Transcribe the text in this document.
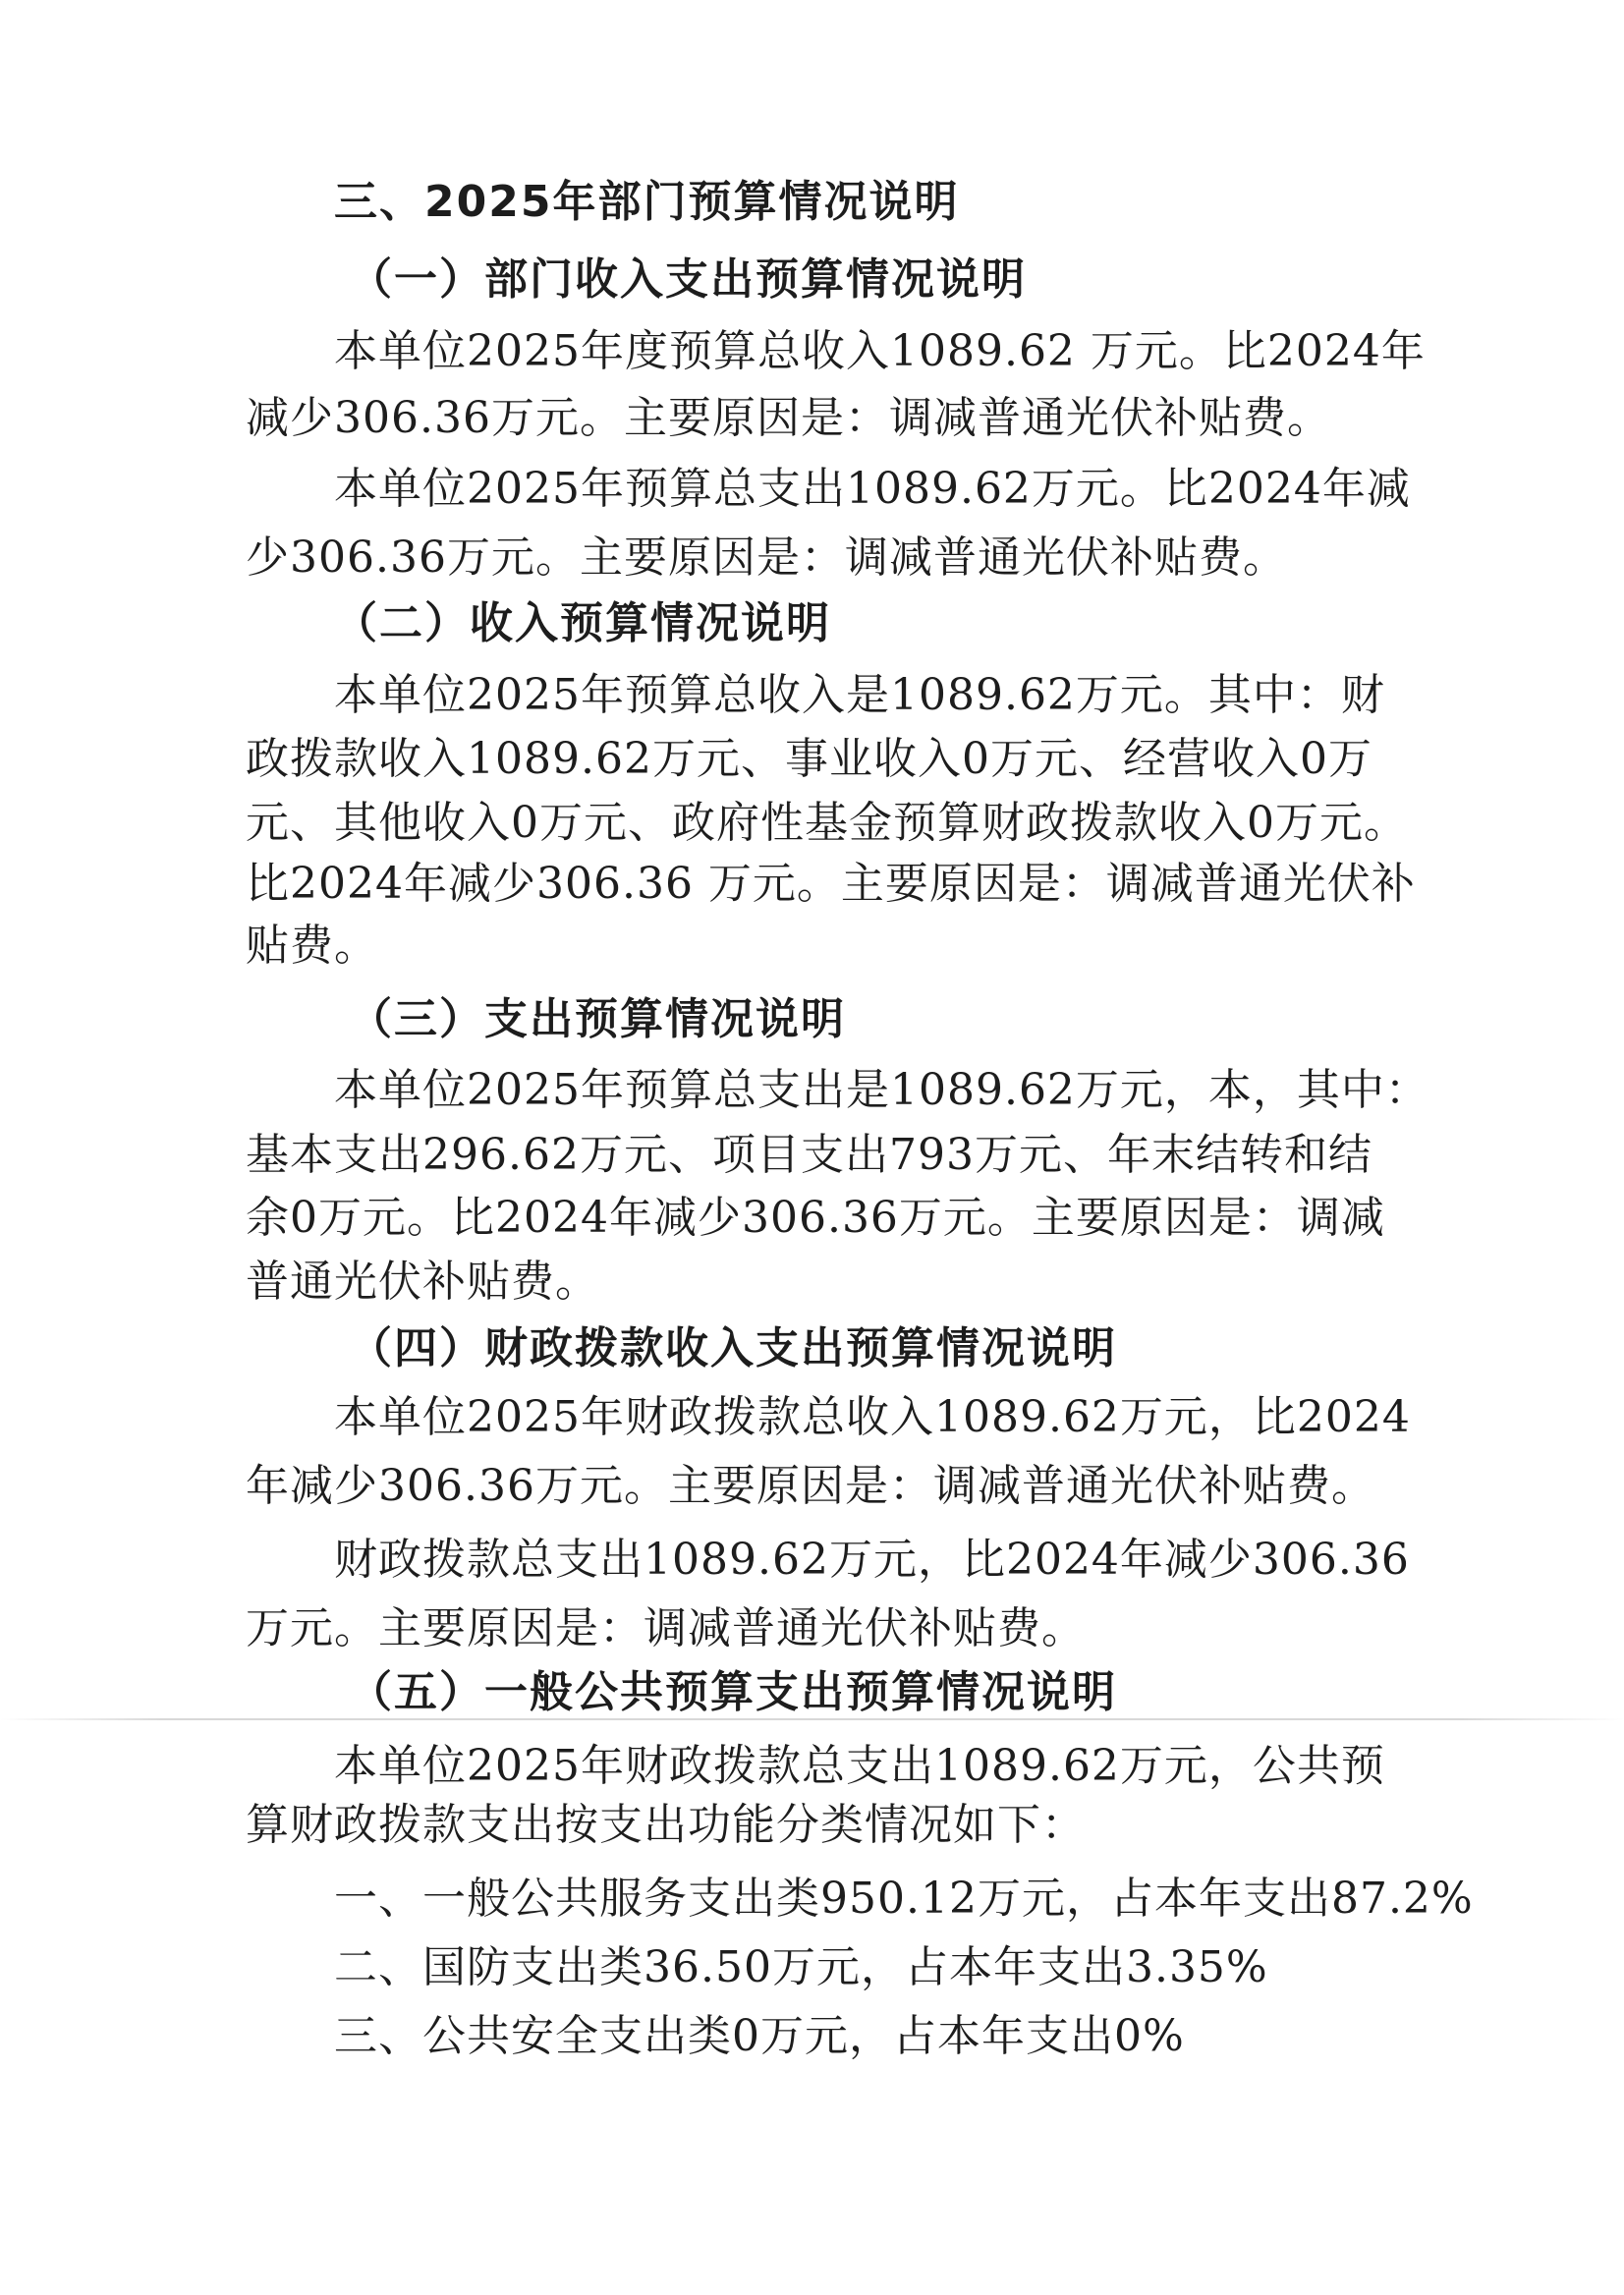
三、2025年部门预算情况说明
（一）部门收入支出预算情况说明
本单位2025年度预算总收入1089.62 万元。比2024年
减少306.36万元。主要原因是：调减普通光伏补贴费。
本单位2025年预算总支出1089.62万元。比2024年减
少306.36万元。主要原因是：调减普通光伏补贴费。
（二）收入预算情况说明
本单位2025年预算总收入是1089.62万元。其中：财
政拨款收入1089.62万元、事业收入0万元、经营收入0万
元、其他收入0万元、政府性基金预算财政拨款收入0万元。
比2024年减少306.36 万元。主要原因是：调减普通光伏补
贴费。
（三）支出预算情况说明
本单位2025年预算总支出是1089.62万元，本，其中：
基本支出296.62万元、项目支出793万元、年末结转和结
余0万元。比2024年减少306.36万元。主要原因是：调减
普通光伏补贴费。
（四）财政拨款收入支出预算情况说明
本单位2025年财政拨款总收入1089.62万元，比2024
年减少306.36万元。主要原因是：调减普通光伏补贴费。
财政拨款总支出1089.62万元，比2024年减少306.36
万元。主要原因是：调减普通光伏补贴费。
（五）一般公共预算支出预算情况说明
本单位2025年财政拨款总支出1089.62万元，公共预
算财政拨款支出按支出功能分类情况如下：
一、一般公共服务支出类950.12万元，占本年支出87.2%
二、国防支出类36.50万元，占本年支出3.35%
三、公共安全支出类0万元，占本年支出0%
